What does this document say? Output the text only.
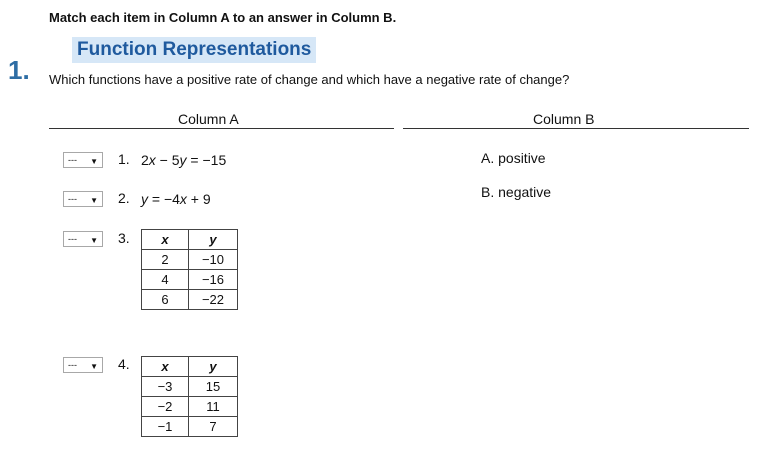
Match each item in Column A to an answer in Column B.
1.
Function Representations
Which functions have a positive rate of change and which have a negative rate of change?
Column A	Column B
--- ▼ 1. 2x − 5y = −15
--- ▼ 2. y = −4x + 9
--- ▼ 3. x	y
2	−10
4	−16
6	−22
--- ▼ 4. x	y
−3	15
−2	11
−1	7
A. positive
B. negative
